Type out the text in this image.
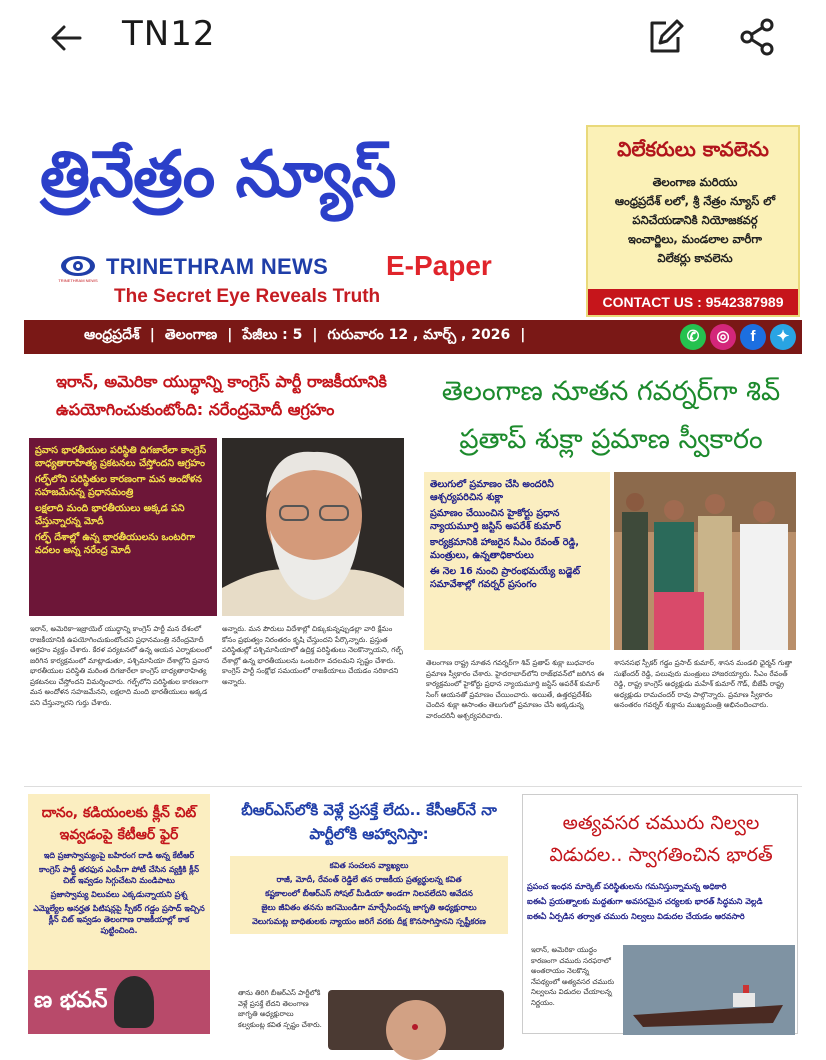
TN12
త్రినేత్రం న్యూస్
TRINETHRAM NEWS
TRINETHRAM NEWS E-Paper
The Secret Eye Reveals Truth
విలేకరులు కావలెను
తెలంగాణ మరియు
ఆంధ్రప్రదేశ్ లలో, శ్రీ నేత్రం న్యూస్ లో
పనిచేయడానికి నియోజకవర్గ
ఇంచార్జిలు, మండలాల వారీగా
విలేకర్లు కావలెను
CONTACT US : 9542387989
ఆంధ్రప్రదేశ్ | తెలంగాణ | పేజీలు : 5 | గురువారం 12 , మార్చ్ , 2026 |	✆	◎	f	✦
ఇరాన్, అమెరికా యుద్ధాన్ని కాంగ్రెస్ పార్టీ రాజకీయానికి ఉపయోగించుకుంటోంది: నరేంద్రమోదీ ఆగ్రహం

ప్రవాస భారతీయుల పరిస్థితి దిగజారేలా కాంగ్రెస్ బాధ్యతారాహిత్య ప్రకటనలు చేస్తోందని ఆగ్రహం

గల్ఫ్‌లోని పరిస్థితుల కారణంగా మన అందోళన సహజమేనన్న ప్రధానమంత్రి

లక్షలాది మంది భారతీయులు అక్కడ పని చేస్తున్నారన్న మోదీ

గల్ఫ్ దేశాల్లో ఉన్న భారతీయులను ఒంటరిగా వదలం అన్న నరేంద్ర మోదీ

ఇరాన్, అమెరికా-ఇజ్రాయెల్ యుద్ధాన్ని కాంగ్రెస్ పార్టీ మన దేశంలో రాజకీయానికి ఉపయోగించుకుంటోందని ప్రధానమంత్రి నరేంద్రమోదీ ఆగ్రహం వ్యక్తం చేశారు. కేరళ పర్యటనలో ఉన్న ఆయన ఎర్నాకులంలో జరిగిన కార్యక్రమంలో మాట్లాడుతూ, పశ్చిమాసియా దేశాల్లోని ప్రవాస భారతీయుల పరిస్థితి మరింత దిగజారేలా కాంగ్రెస్ బాధ్యతారాహిత్య ప్రకటనలు చేస్తోందని విమర్శించారు. గల్ఫ్‌లోని పరిస్థితుల కారణంగా మన అందోళన సహజమేనని, లక్షలాది మంది భారతీయులు అక్కడ పని చేస్తున్నారని గుర్తు చేశారు.
అన్నారు. మన పౌరులు విదేశాల్లో చిక్కుకున్నప్పుడల్లా వారి క్షేమం కోసం ప్రభుత్వం నిరంతరం కృషి చేస్తుందని పేర్కొన్నారు. ప్రస్తుత పరిస్థితుల్లో పశ్చిమాసియాలో ఉద్రిక్త పరిస్థితులు నెలకొన్నాయని, గల్ఫ్ దేశాల్లో ఉన్న భారతీయులను ఒంటరిగా వదలమని స్పష్టం చేశారు. కాంగ్రెస్ పార్టీ సంక్షోభ సమయంలో రాజకీయాలు చేయడం సరికాదని అన్నారు.
తెలంగాణ నూతన గవర్నర్‌గా శివ్ ప్రతాప్ శుక్లా ప్రమాణ స్వీకారం

తెలుగులో ప్రమాణం చేసి అందరినీ ఆశ్చర్యపరిచిన శుక్లా

ప్రమాణం చేయించిన హైకోర్టు ప్రధాన న్యాయమూర్తి జస్టిస్ అపరేశ్ కుమార్

కార్యక్రమానికి హాజరైన సీఎం రేవంత్ రెడ్డి, మంత్రులు, ఉన్నతాధికారులు

ఈ నెల 16 నుంచి ప్రారంభమయ్యే బడ్జెట్ సమావేశాల్లో గవర్నర్ ప్రసంగం

తెలంగాణ రాష్ట్ర నూతన గవర్నర్‌గా శివ్ ప్రతాప్ శుక్లా బుధవారం ప్రమాణ స్వీకారం చేశారు. హైదరాబాద్‌లోని రాజ్‌భవన్‌లో జరిగిన ఈ కార్యక్రమంలో హైకోర్టు ప్రధాన న్యాయమూర్తి జస్టిస్ అపరేశ్ కుమార్ సింగ్ ఆయనతో ప్రమాణం చేయించారు. అయితే, ఉత్తరప్రదేశ్‌కు చెందిన శుక్లా ఆసాంతం తెలుగులో ప్రమాణం చేసి అక్కడున్న వారందరినీ ఆశ్చర్యపరిచారు.
శాసనసభ స్పీకర్ గడ్డం ప్రసాద్ కుమార్, శాసన మండలి ఛైర్మన్ గుత్తా సుఖేందర్ రెడ్డి, పలువురు మంత్రులు హాజరయ్యారు. సీఎం రేవంత్ రెడ్డి, రాష్ట్ర కాంగ్రెస్ అధ్యక్షుడు మహేశ్ కుమార్ గౌడ్, బీజేపీ రాష్ట్ర అధ్యక్షుడు రామచందర్ రావు పాల్గొన్నారు. ప్రమాణ స్వీకారం అనంతరం గవర్నర్ శుక్లాను ముఖ్యమంత్రి అభినందించారు.
దానం, కడియంలకు క్లీన్ చిట్ ఇవ్వడంపై కేటీఆర్ ఫైర్

ఇది ప్రజాస్వామ్యంపై బహిరంగ దాడి అన్న కేటీఆర్

కాంగ్రెస్ పార్టీ తరఫున ఎంపీగా పోటీ చేసిన వ్యక్తికి క్లీన్ చిట్ ఇవ్వడం సిగ్గుచేటని మండిపాటు

ప్రజాస్వామ్య విలువలు ఎక్కడున్నాయని ప్రశ్న

ఎమ్మెల్యేల అనర్హత పిటిషన్లపై స్పీకర్ గడ్డం ప్రసాద్ ఇచ్చిన క్లీన్ చిట్ ఇవ్వడం తెలంగాణ రాజకీయాల్లో కాక పుట్టించింది.

ణ భవన్
బీఆర్ఎస్‌లోకి వెళ్లే ప్రసక్తే లేదు.. కేసీఆర్‌నే నా పార్టీలోకి ఆహ్వానిస్తా:

కవిత సంచలన వ్యాఖ్యలు

రాజీ, మోదీ, రేవంత్ రెడ్డిలే తన రాజకీయ ప్రత్యర్థులన్న కవిత

కష్టకాలంలో బీఆర్ఎస్ సోషల్ మీడియా అండగా నిలవలేదని ఆవేదన

జైలు జీవితం తనను జగమొండిగా మార్చేసిందన్న జాగృతి అధ్యక్షురాలు

వెలుగుమట్ల బాధితులకు న్యాయం జరిగే వరకు దీక్ష కొనసాగిస్తానని స్పష్టీకరణ

తాను తిరిగి బీఆర్ఎస్ పార్టీలోకి వెళ్లే ప్రసక్తే లేదని తెలంగాణ జాగృతి అధ్యక్షురాలు కల్వకుంట్ల కవిత స్పష్టం చేశారు.
అత్యవసర చమురు నిల్వల విడుదల.. స్వాగతించిన భారత్

ప్రపంచ ఇంధన మార్కెట్ పరిస్థితులను గమనిస్తున్నామన్న అధికారి

ఐఈఏ ప్రయత్నాలకు మద్దతుగా అవసరమైన చర్యలకు భారత్ సిద్ధమని వెల్లడి

ఐఈఏ ఏర్పడిన తర్వాత చమురు నిల్వలు విడుదల చేయడం ఆరవసారి

ఇరాన్, అమెరికా యుద్ధం కారణంగా చమురు సరఫరాలో అంతరాయం నెలకొన్న నేపథ్యంలో అత్యవసర చమురు నిల్వలను విడుదల చేయాలన్న నిర్ణయం.
